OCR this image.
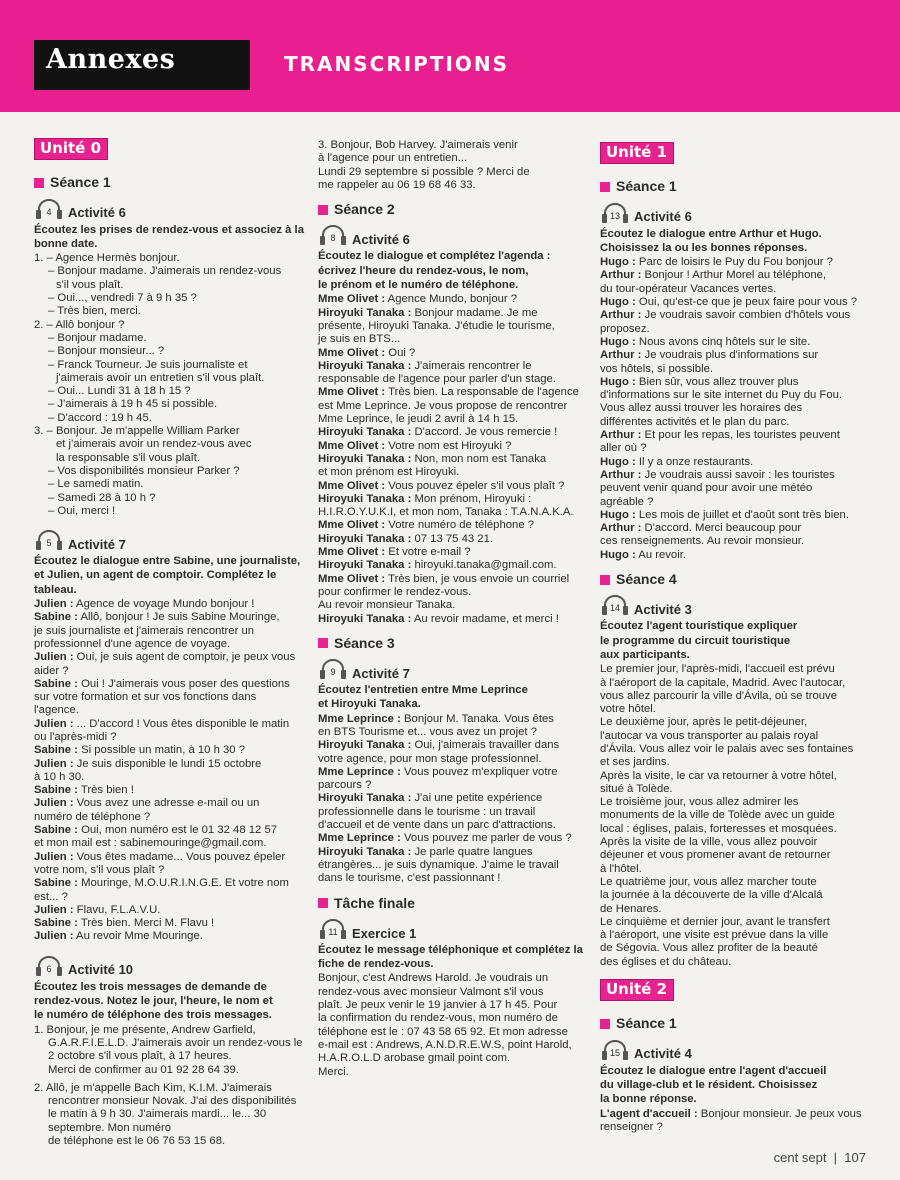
Annexes	TRANSCRIPTIONS
Unité 0

Séance 1
4	Activité 6
Écoutez les prises de rendez-vous et associez à la
bonne date.
1. – Agence Hermès bonjour.
– Bonjour madame. J'aimerais un rendez-vous
s'il vous plaît.
– Oui..., vendredi 7 à 9 h 35 ?
– Très bien, merci.
2. – Allô bonjour ?
– Bonjour madame.
– Bonjour monsieur... ?
– Franck Tourneur. Je suis journaliste et
j'aimerais avoir un entretien s'il vous plaît.
– Oui... Lundi 31 à 18 h 15 ?
– J'aimerais à 19 h 45 si possible.
– D'accord : 19 h 45.
3. – Bonjour. Je m'appelle William Parker
et j'aimerais avoir un rendez-vous avec
la responsable s'il vous plaît.
– Vos disponibilités monsieur Parker ?
– Le samedi matin.
– Samedi 28 à 10 h ?
– Oui, merci !
5	Activité 7
Écoutez le dialogue entre Sabine, une journaliste,
et Julien, un agent de comptoir. Complétez le
tableau.
Julien : Agence de voyage Mundo bonjour !
Sabine : Allô, bonjour ! Je suis Sabine Mouringe,
je suis journaliste et j'aimerais rencontrer un
professionnel d'une agence de voyage.
Julien : Oui, je suis agent de comptoir, je peux vous
aider ?
Sabine : Oui ! J'aimerais vous poser des questions
sur votre formation et sur vos fonctions dans
l'agence.
Julien : ... D'accord ! Vous êtes disponible le matin
ou l'après-midi ?
Sabine : Si possible un matin, à 10 h 30 ?
Julien : Je suis disponible le lundi 15 octobre
à 10 h 30.
Sabine : Très bien !
Julien : Vous avez une adresse e-mail ou un
numéro de téléphone ?
Sabine : Oui, mon numéro est le 01 32 48 12 57
et mon mail est : sabinemouringe@gmail.com.
Julien : Vous êtes madame... Vous pouvez épeler
votre nom, s'il vous plaît ?
Sabine : Mouringe, M.O.U.R.I.N.G.E. Et votre nom
est... ?
Julien : Flavu, F.L.A.V.U.
Sabine : Très bien. Merci M. Flavu !
Julien : Au revoir Mme Mouringe.
6	Activité 10
Écoutez les trois messages de demande de
rendez-vous. Notez le jour, l'heure, le nom et
le numéro de téléphone des trois messages.
1. Bonjour, je me présente, Andrew Garfield,
G.A.R.F.I.E.L.D. J'aimerais avoir un rendez-vous le
2 octobre s'il vous plaît, à 17 heures.
Merci de confirmer au 01 92 28 64 39.
2. Allô, je m'appelle Bach Kim, K.I.M. J'aimerais
rencontrer monsieur Novak. J'ai des disponibilités
le matin à 9 h 30. J'aimerais mardi... le... 30
septembre. Mon numéro
de téléphone est le 06 76 53 15 68.
3. Bonjour, Bob Harvey. J'aimerais venir
à l'agence pour un entretien...
Lundi 29 septembre si possible ? Merci de
me rappeler au 06 19 68 46 33.
Séance 2
8	Activité 6
Écoutez le dialogue et complétez l'agenda :
écrivez l'heure du rendez-vous, le nom,
le prénom et le numéro de téléphone.
Mme Olivet : Agence Mundo, bonjour ?
Hiroyuki Tanaka : Bonjour madame. Je me
présente, Hiroyuki Tanaka. J'étudie le tourisme,
je suis en BTS...
Mme Olivet : Oui ?
Hiroyuki Tanaka : J'aimerais rencontrer le
responsable de l'agence pour parler d'un stage.
Mme Olivet : Très bien. La responsable de l'agence
est Mme Leprince. Je vous propose de rencontrer
Mme Leprince, le jeudi 2 avril à 14 h 15.
Hiroyuki Tanaka : D'accord. Je vous remercie !
Mme Olivet : Votre nom est Hiroyuki ?
Hiroyuki Tanaka : Non, mon nom est Tanaka
et mon prénom est Hiroyuki.
Mme Olivet : Vous pouvez épeler s'il vous plaît ?
Hiroyuki Tanaka : Mon prénom, Hiroyuki :
H.I.R.O.Y.U.K.I, et mon nom, Tanaka : T.A.N.A.K.A.
Mme Olivet : Votre numéro de téléphone ?
Hiroyuki Tanaka : 07 13 75 43 21.
Mme Olivet : Et votre e-mail ?
Hiroyuki Tanaka : hiroyuki.tanaka@gmail.com.
Mme Olivet : Très bien, je vous envoie un courriel
pour confirmer le rendez-vous.
Au revoir monsieur Tanaka.
Hiroyuki Tanaka : Au revoir madame, et merci !
Séance 3
9	Activité 7
Écoutez l'entretien entre Mme Leprince
et Hiroyuki Tanaka.
Mme Leprince : Bonjour M. Tanaka. Vous êtes
en BTS Tourisme et... vous avez un projet ?
Hiroyuki Tanaka : Oui, j'aimerais travailler dans
votre agence, pour mon stage professionnel.
Mme Leprince : Vous pouvez m'expliquer votre
parcours ?
Hiroyuki Tanaka : J'ai une petite expérience
professionnelle dans le tourisme : un travail
d'accueil et de vente dans un parc d'attractions.
Mme Leprince : Vous pouvez me parler de vous ?
Hiroyuki Tanaka : Je parle quatre langues
étrangères... je suis dynamique. J'aime le travail
dans le tourisme, c'est passionnant !
Tâche finale
11	Exercice 1
Écoutez le message téléphonique et complétez la
fiche de rendez-vous.
Bonjour, c'est Andrews Harold. Je voudrais un
rendez-vous avec monsieur Valmont s'il vous
plaît. Je peux venir le 19 janvier à 17 h 45. Pour
la confirmation du rendez-vous, mon numéro de
téléphone est le : 07 43 58 65 92. Et mon adresse
e-mail est : Andrews, A.N.D.R.E.W.S, point Harold,
H.A.R.O.L.D arobase gmail point com.
Merci.
Unité 1

Séance 1
13	Activité 6
Écoutez le dialogue entre Arthur et Hugo.
Choisissez la ou les bonnes réponses.
Hugo : Parc de loisirs le Puy du Fou bonjour ?
Arthur : Bonjour ! Arthur Morel au téléphone,
du tour-opérateur Vacances vertes.
Hugo : Oui, qu'est-ce que je peux faire pour vous ?
Arthur : Je voudrais savoir combien d'hôtels vous
proposez.
Hugo : Nous avons cinq hôtels sur le site.
Arthur : Je voudrais plus d'informations sur
vos hôtels, si possible.
Hugo : Bien sûr, vous allez trouver plus
d'informations sur le site internet du Puy du Fou.
Vous allez aussi trouver les horaires des
différentes activités et le plan du parc.
Arthur : Et pour les repas, les touristes peuvent
aller où ?
Hugo : Il y a onze restaurants.
Arthur : Je voudrais aussi savoir : les touristes
peuvent venir quand pour avoir une météo
agréable ?
Hugo : Les mois de juillet et d'août sont très bien.
Arthur : D'accord. Merci beaucoup pour
ces renseignements. Au revoir monsieur.
Hugo : Au revoir.
Séance 4
14	Activité 3
Écoutez l'agent touristique expliquer
le programme du circuit touristique
aux participants.
Le premier jour, l'après-midi, l'accueil est prévu
à l'aéroport de la capitale, Madrid. Avec l'autocar,
vous allez parcourir la ville d'Ávila, où se trouve
votre hôtel.
Le deuxième jour, après le petit-déjeuner,
l'autocar va vous transporter au palais royal
d'Ávila. Vous allez voir le palais avec ses fontaines
et ses jardins.
Après la visite, le car va retourner à votre hôtel,
situé à Tolède.
Le troisième jour, vous allez admirer les
monuments de la ville de Tolède avec un guide
local : églises, palais, forteresses et mosquées.
Après la visite de la ville, vous allez pouvoir
déjeuner et vous promener avant de retourner
à l'hôtel.
Le quatrième jour, vous allez marcher toute
la journée à la découverte de la ville d'Alcalá
de Henares.
Le cinquième et dernier jour, avant le transfert
à l'aéroport, une visite est prévue dans la ville
de Ségovia. Vous allez profiter de la beauté
des églises et du château.
Unité 2

Séance 1
15	Activité 4
Écoutez le dialogue entre l'agent d'accueil
du village-club et le résident. Choisissez
la bonne réponse.
L'agent d'accueil : Bonjour monsieur. Je peux vous
renseigner ?
cent sept | 107
